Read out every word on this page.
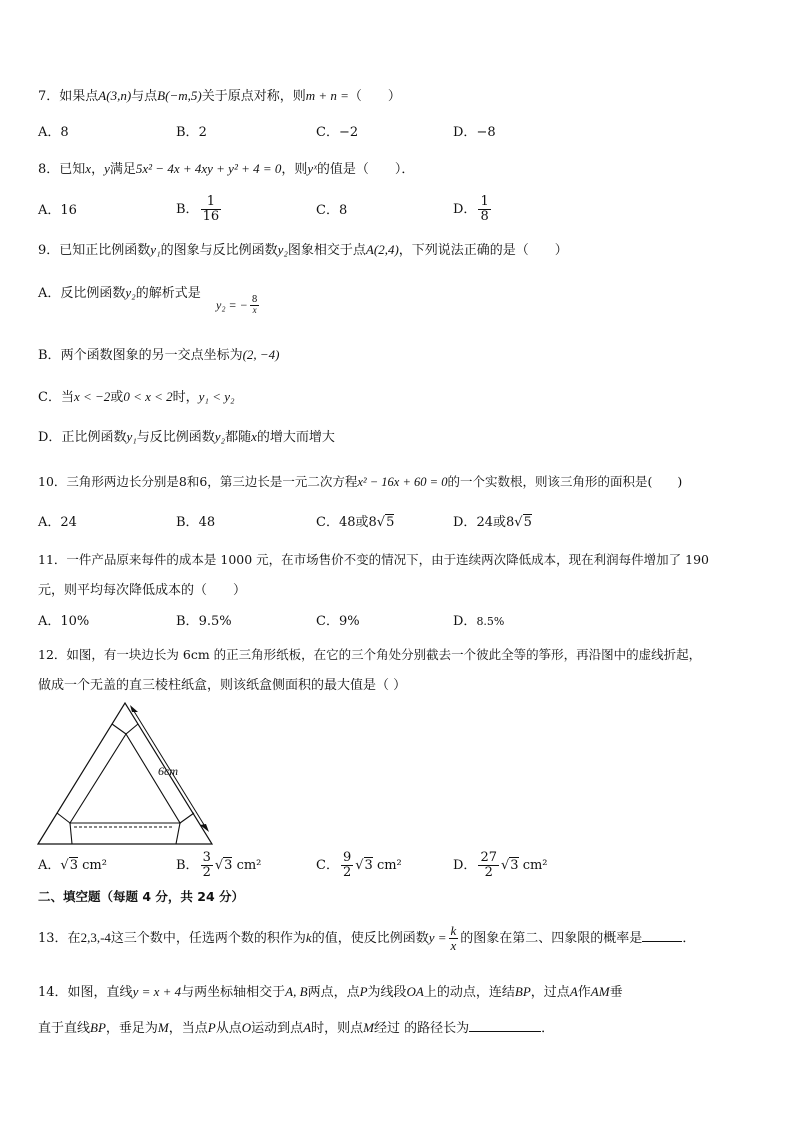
7．如果点A(3,n)与点B(−m,5)关于原点对称，则m + n =（　　）
A．8	B．2	C．−2	D．−8
8．已知x，y满足5x² − 4x + 4xy + y² + 4 = 0，则yˣ的值是（　　）．
A．16	B． $\frac{1}{16}$	C．8	D． $\frac{1}{8}$
9．已知正比例函数y₁的图象与反比例函数y₂图象相交于点A(2,4)，下列说法正确的是（　　）
A．反比例函数y₂的解析式是
y₂ = − $\frac{8}{x}$
B．两个函数图象的另一交点坐标为(2, −4)
C．当x < −2或0 < x < 2时，y₁ < y₂
D．正比例函数y₁与反比例函数y₂都随x的增大而增大
10．三角形两边长分别是8和6，第三边长是一元二次方程x² − 16x + 60 = 0的一个实数根，则该三角形的面积是(　　)
A．24	B．48	C．48或8√5	D．24或8√5
11．一件产品原来每件的成本是 1000 元，在市场售价不变的情况下，由于连续两次降低成本，现在利润每件增加了 190
元，则平均每次降低成本的（　　）
A．10%	B．9.5%	C．9%	D．8.5%
12．如图，有一块边长为 6cm 的正三角形纸板，在它的三个角处分别截去一个彼此全等的筝形，再沿图中的虚线折起，
做成一个无盖的直三棱柱纸盒，则该纸盒侧面积的最大值是（ ）
6cm
A．√3 cm²	B． $\frac{3}{2} √3$ cm²	C． $\frac{9}{2} √3$ cm²	D． $\frac{27}{2} √3$ cm²
二、填空题（每题 4 分，共 24 分）
13．在2,3,-4这三个数中，任选两个数的积作为k的值，使反比例函数$y = \frac{k}{x}$ 的图象在第二、四象限的概率是	．
14．如图，直线y = x + 4与两坐标轴相交于A, B两点，点P为线段OA上的动点，连结BP，过点A作AM垂
直于直线BP，垂足为M，当点P从点O运动到点A时，则点M经过 的路径长为	．
